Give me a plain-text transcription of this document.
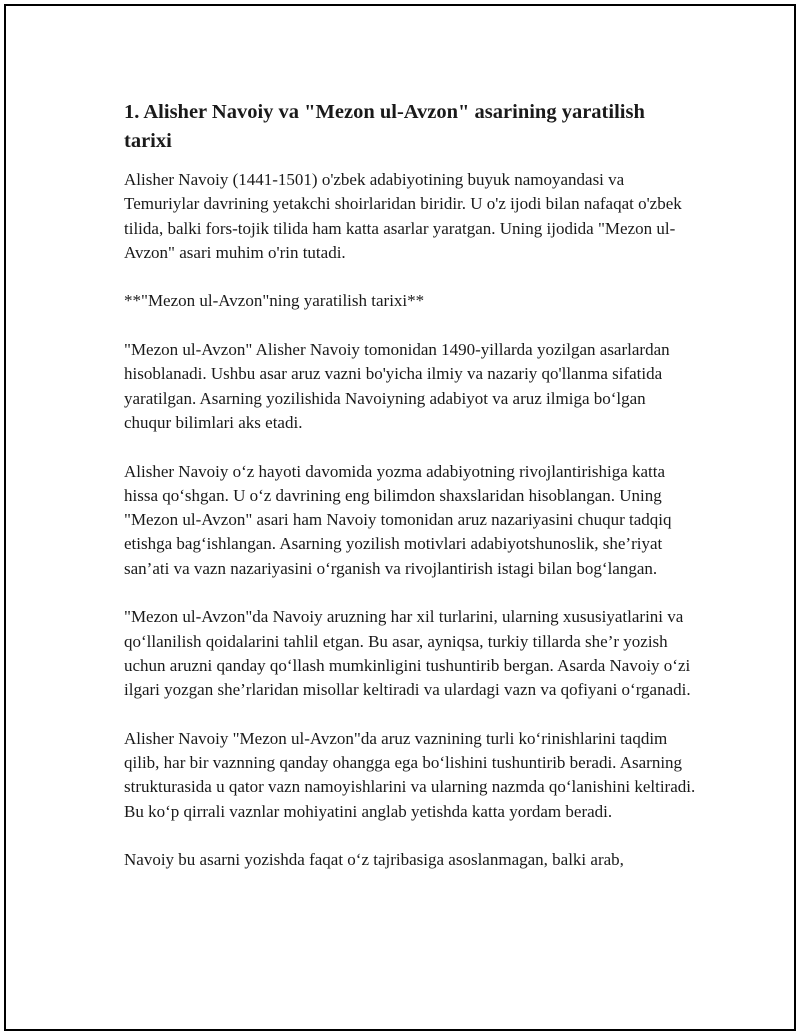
1. Alisher Navoiy va "Mezon ul-Avzon" asarining yaratilish tarixi

Alisher Navoiy (1441-1501) o'zbek adabiyotining buyuk namoyandasi va Temuriylar davrining yetakchi shoirlaridan biridir. U o'z ijodi bilan nafaqat o'zbek tilida, balki fors-tojik tilida ham katta asarlar yaratgan. Uning ijodida "Mezon ul-Avzon" asari muhim o'rin tutadi.

**"Mezon ul-Avzon"ning yaratilish tarixi**

"Mezon ul-Avzon" Alisher Navoiy tomonidan 1490-yillarda yozilgan asarlardan hisoblanadi. Ushbu asar aruz vazni bo'yicha ilmiy va nazariy qo'llanma sifatida yaratilgan. Asarning yozilishida Navoiyning adabiyot va aruz ilmiga bo‘lgan chuqur bilimlari aks etadi.

Alisher Navoiy o‘z hayoti davomida yozma adabiyotning rivojlantirishiga katta hissa qo‘shgan. U o‘z davrining eng bilimdon shaxslaridan hisoblangan. Uning "Mezon ul-Avzon" asari ham Navoiy tomonidan aruz nazariyasini chuqur tadqiq etishga bag‘ishlangan. Asarning yozilish motivlari adabiyotshunoslik, she’riyat san’ati va vazn nazariyasini o‘rganish va rivojlantirish istagi bilan bog‘langan.

"Mezon ul-Avzon"da Navoiy aruzning har xil turlarini, ularning xususiyatlarini va qo‘llanilish qoidalarini tahlil etgan. Bu asar, ayniqsa, turkiy tillarda she’r yozish uchun aruzni qanday qo‘llash mumkinligini tushuntirib bergan. Asarda Navoiy o‘zi ilgari yozgan she’rlaridan misollar keltiradi va ulardagi vazn va qofiyani o‘rganadi.

Alisher Navoiy "Mezon ul-Avzon"da aruz vaznining turli ko‘rinishlarini taqdim qilib, har bir vaznning qanday ohangga ega bo‘lishini tushuntirib beradi. Asarning strukturasida u qator vazn namoyishlarini va ularning nazmda qo‘lanishini keltiradi. Bu ko‘p qirrali vaznlar mohiyatini anglab yetishda katta yordam beradi.

Navoiy bu asarni yozishda faqat o‘z tajribasiga asoslanmagan, balki arab,
